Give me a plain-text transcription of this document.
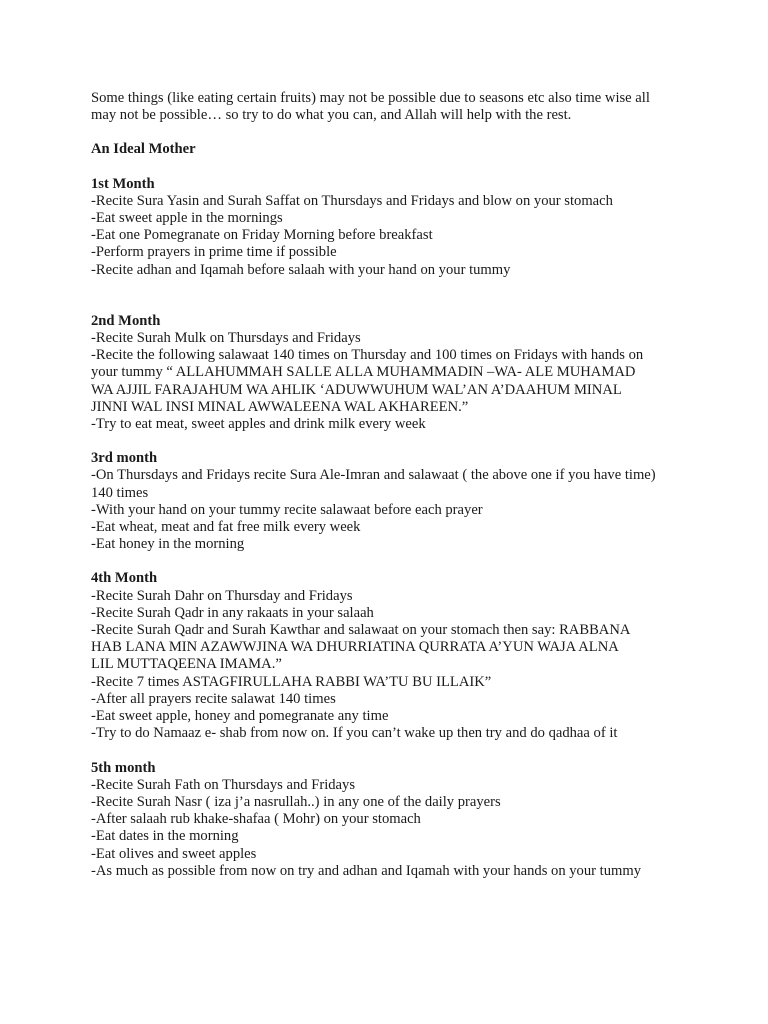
Some things (like eating certain fruits) may not be possible due to seasons etc also time wise all
may not be possible… so try to do what you can, and Allah will help with the rest.
An Ideal Mother
1st Month
-Recite Sura Yasin and Surah Saffat on Thursdays and Fridays and blow on your stomach
-Eat sweet apple in the mornings
-Eat one Pomegranate on Friday Morning before breakfast
-Perform prayers in prime time if possible
-Recite adhan and Iqamah before salaah with your hand on your tummy
2nd Month
-Recite Surah Mulk on Thursdays and Fridays
-Recite the following salawaat 140 times on Thursday and 100 times on Fridays with hands on
your tummy “ ALLAHUMMAH SALLE ALLA MUHAMMADIN –WA- ALE MUHAMAD
WA AJJIL FARAJAHUM WA AHLIK ‘ADUWWUHUM WAL’AN A’DAAHUM MINAL
JINNI WAL INSI MINAL AWWALEENA WAL AKHAREEN.”
-Try to eat meat, sweet apples and drink milk every week
3rd month
-On Thursdays and Fridays recite Sura Ale-Imran and salawaat ( the above one if you have time)
140 times
-With your hand on your tummy recite salawaat before each prayer
-Eat wheat, meat and fat free milk every week
-Eat honey in the morning
4th Month
-Recite Surah Dahr on Thursday and Fridays
-Recite Surah Qadr in any rakaats in your salaah
-Recite Surah Qadr and Surah Kawthar and salawaat on your stomach then say: RABBANA
HAB LANA MIN AZAWWJINA WA DHURRIATINA QURRATA A’YUN WAJA ALNA
LIL MUTTAQEENA IMAMA.”
-Recite 7 times ASTAGFIRULLAHA RABBI WA’TU BU ILLAIK”
-After all prayers recite salawat 140 times
-Eat sweet apple, honey and pomegranate any time
-Try to do Namaaz e- shab from now on. If you can’t wake up then try and do qadhaa of it
5th month
-Recite Surah Fath on Thursdays and Fridays
-Recite Surah Nasr ( iza j’a nasrullah..) in any one of the daily prayers
-After salaah rub khake-shafaa ( Mohr) on your stomach
-Eat dates in the morning
-Eat olives and sweet apples
-As much as possible from now on try and adhan and Iqamah with your hands on your tummy
